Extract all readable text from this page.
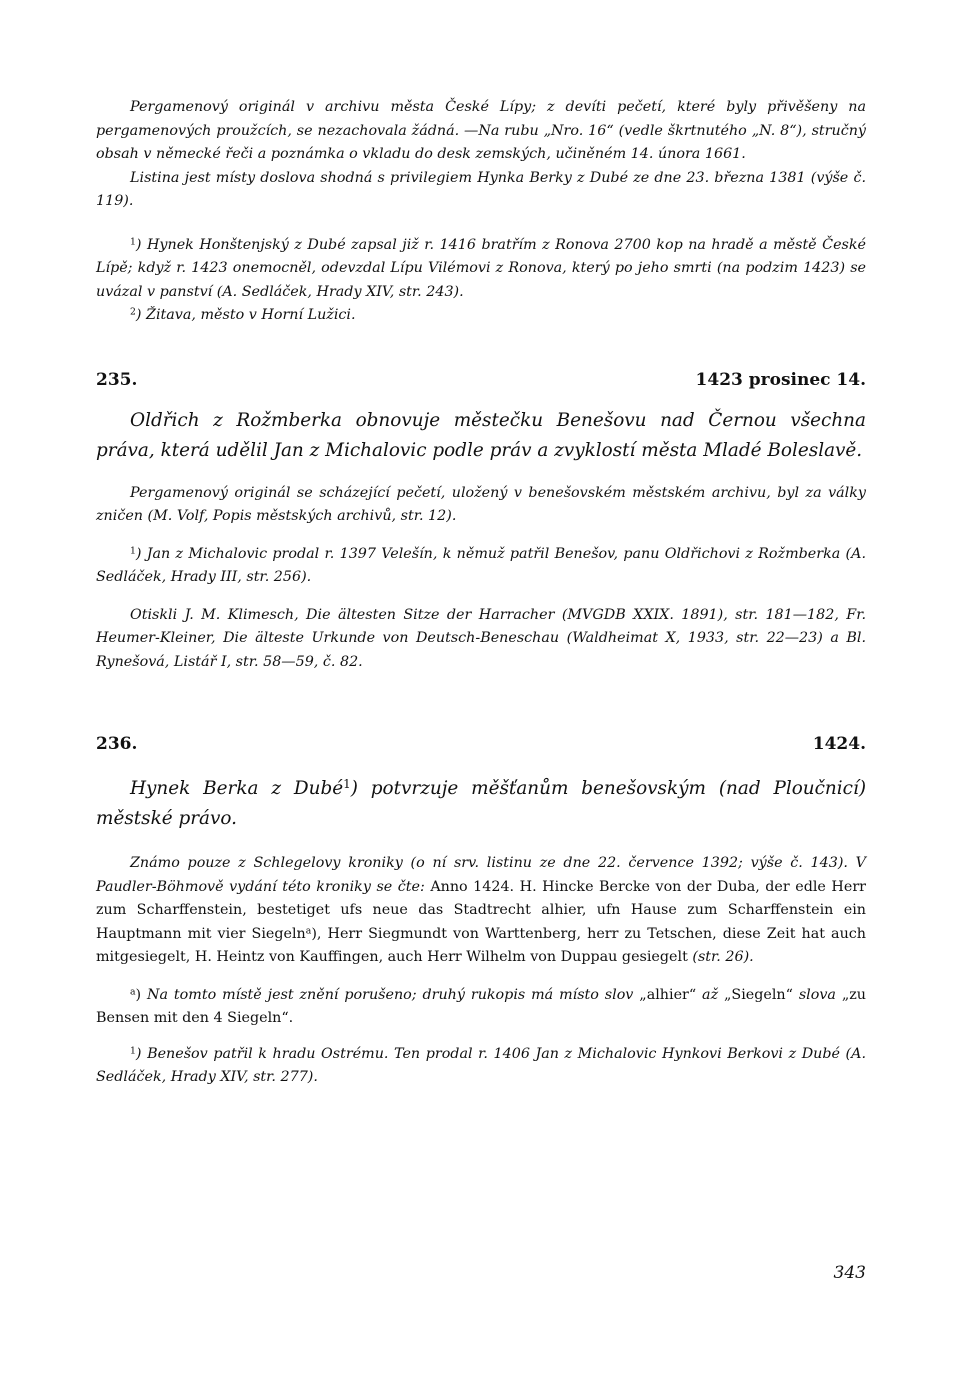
Pergamenový originál v archivu města České Lípy; z devíti pečetí, které byly přivěšeny na pergamenových proužcích, se nezachovala žádná. —Na rubu „Nro. 16“ (vedle škrtnutého „N. 8“), stručný obsah v německé řeči a poznámka o vkladu do desk zemských, učiněném 14. února 1661.

Listina jest místy doslova shodná s privilegiem Hynka Berky z Dubé ze dne 23. března 1381 (výše č. 119).

$^1$) Hynek Honštenjský z Dubé zapsal již r. 1416 bratřím z Ronova 2700 kop na hradě a městě České Lípě; když r. 1423 onemocněl, odevzdal Lípu Vilémovi z Ronova, který po jeho smrti (na podzim 1423) se uvázal v panství (A. Sedláček, Hrady XIV, str. 243).

$^2$) Žitava, město v Horní Lužici.

235.	1423 prosinec 14.

Oldřich z Rožmberka obnovuje městečku Benešovu nad Černou všechna práva, která udělil Jan z Michalovic podle práv a zvyklostí města Mladé Boleslavě.

Pergamenový originál se scházející pečetí, uložený v benešovském městském archivu, byl za války zničen (M. Volf, Popis městských archivů, str. 12).

$^1$) Jan z Michalovic prodal r. 1397 Velešín, k němuž patřil Benešov, panu Oldřichovi z Rožmberka (A. Sedláček, Hrady III, str. 256).

Otiskli J. M. Klimesch, Die ältesten Sitze der Harracher (MVGDB XXIX. 1891), str. 181—182, Fr. Heumer-Kleiner, Die älteste Urkunde von Deutsch-Beneschau (Waldheimat X, 1933, str. 22—23) a Bl. Rynešová, Listář I, str. 58—59, č. 82.

236.	1424.

Hynek Berka z Dubé$^1$) potvrzuje měšťanům benešovským (nad Ploučnicí) městské právo.

Známo pouze z Schlegelovy kroniky (o ní srv. listinu ze dne 22. července 1392; výše č. 143). V Paudler-Böhmově vydání této kroniky se čte: Anno 1424. H. Hincke Bercke von der Duba, der edle Herr zum Scharffenstein, bestetiget ufs neue das Stadtrecht alhier, ufn Hause zum Scharffenstein ein Hauptmann mit vier Siegeln$^a$), Herr Siegmundt von Warttenberg, herr zu Tetschen, diese Zeit hat auch mitgesiegelt, H. Heintz von Kauffingen, auch Herr Wilhelm von Duppau gesiegelt (str. 26).

$^a$) Na tomto místě jest znění porušeno; druhý rukopis má místo slov „alhier“ až „Siegeln“ slova „zu Bensen mit den 4 Siegeln“.

$^1$) Benešov patřil k hradu Ostrému. Ten prodal r. 1406 Jan z Michalovic Hynkovi Berkovi z Dubé (A. Sedláček, Hrady XIV, str. 277).

343
